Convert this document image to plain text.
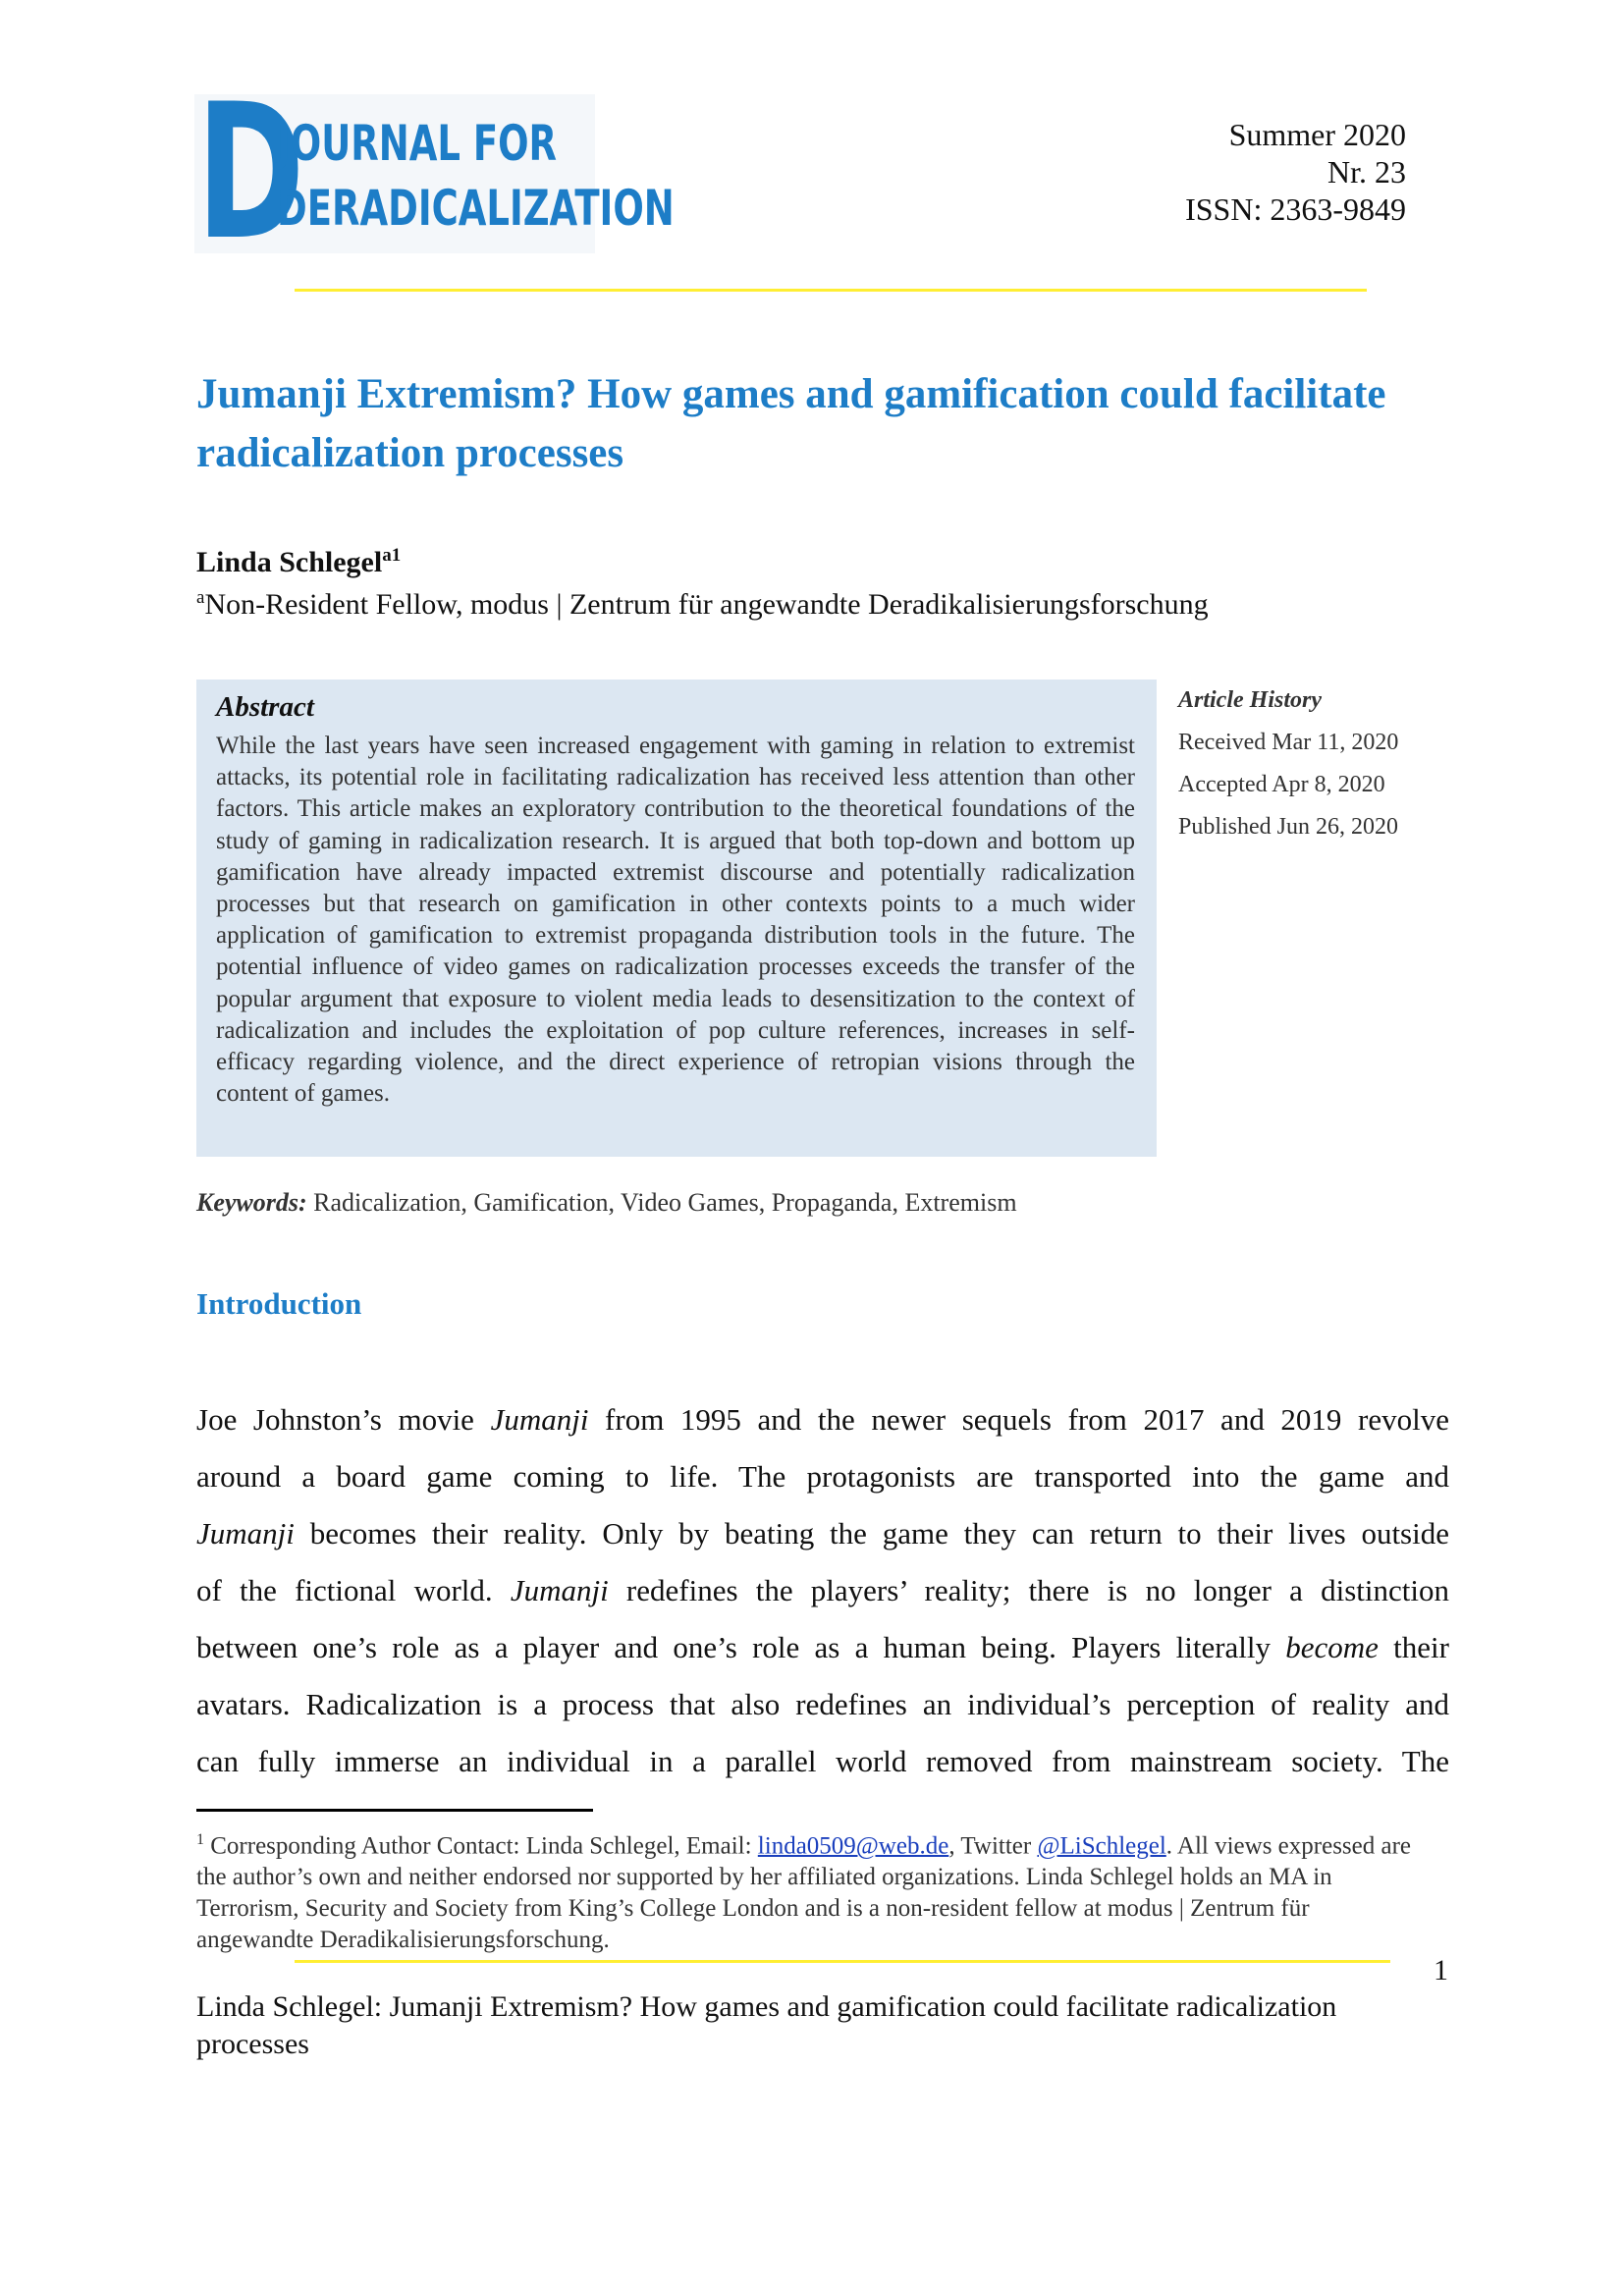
D
JOURNAL FOR
DERADICALIZATION
Summer 2020
Nr. 23
ISSN: 2363-9849
Jumanji Extremism? How games and gamification could facilitate radicalization processes
Linda Schlegel$^{a1}$
$^a$Non-Resident Fellow, modus | Zentrum für angewandte Deradikalisierungsforschung
Abstract
While the last years have seen increased engagement with gaming in relation to extremist attacks, its potential role in facilitating radicalization has received less attention than other factors. This article makes an exploratory contribution to the theoretical foundations of the study of gaming in radicalization research. It is argued that both top-down and bottom up gamification have already impacted extremist discourse and potentially radicalization processes but that research on gamification in other contexts points to a much wider application of gamification to extremist propaganda distribution tools in the future. The potential influence of video games on radicalization processes exceeds the transfer of the popular argument that exposure to violent media leads to desensitization to the context of radicalization and includes the exploitation of pop culture references, increases in self-efficacy regarding violence, and the direct experience of retropian visions through the content of games.
Article History
Received Mar 11, 2020
Accepted Apr 8, 2020
Published Jun 26, 2020
Keywords: Radicalization, Gamification, Video Games, Propaganda, Extremism
Introduction
Joe Johnston’s movie Jumanji from 1995 and the newer sequels from 2017 and 2019 revolve
around a board game coming to life. The protagonists are transported into the game and
Jumanji becomes their reality. Only by beating the game they can return to their lives outside
of the fictional world. Jumanji redefines the players’ reality; there is no longer a distinction
between one’s role as a player and one’s role as a human being. Players literally become their
avatars. Radicalization is a process that also redefines an individual’s perception of reality and
can fully immerse an individual in a parallel world removed from mainstream society. The
$^1$ Corresponding Author Contact: Linda Schlegel, Email: linda0509@web.de, Twitter @LiSchlegel. All views expressed are the author’s own and neither endorsed nor supported by her affiliated organizations. Linda Schlegel holds an MA in Terrorism, Security and Society from King’s College London and is a non-resident fellow at modus | Zentrum für angewandte Deradikalisierungsforschung.
1
Linda Schlegel: Jumanji Extremism? How games and gamification could facilitate radicalization processes
